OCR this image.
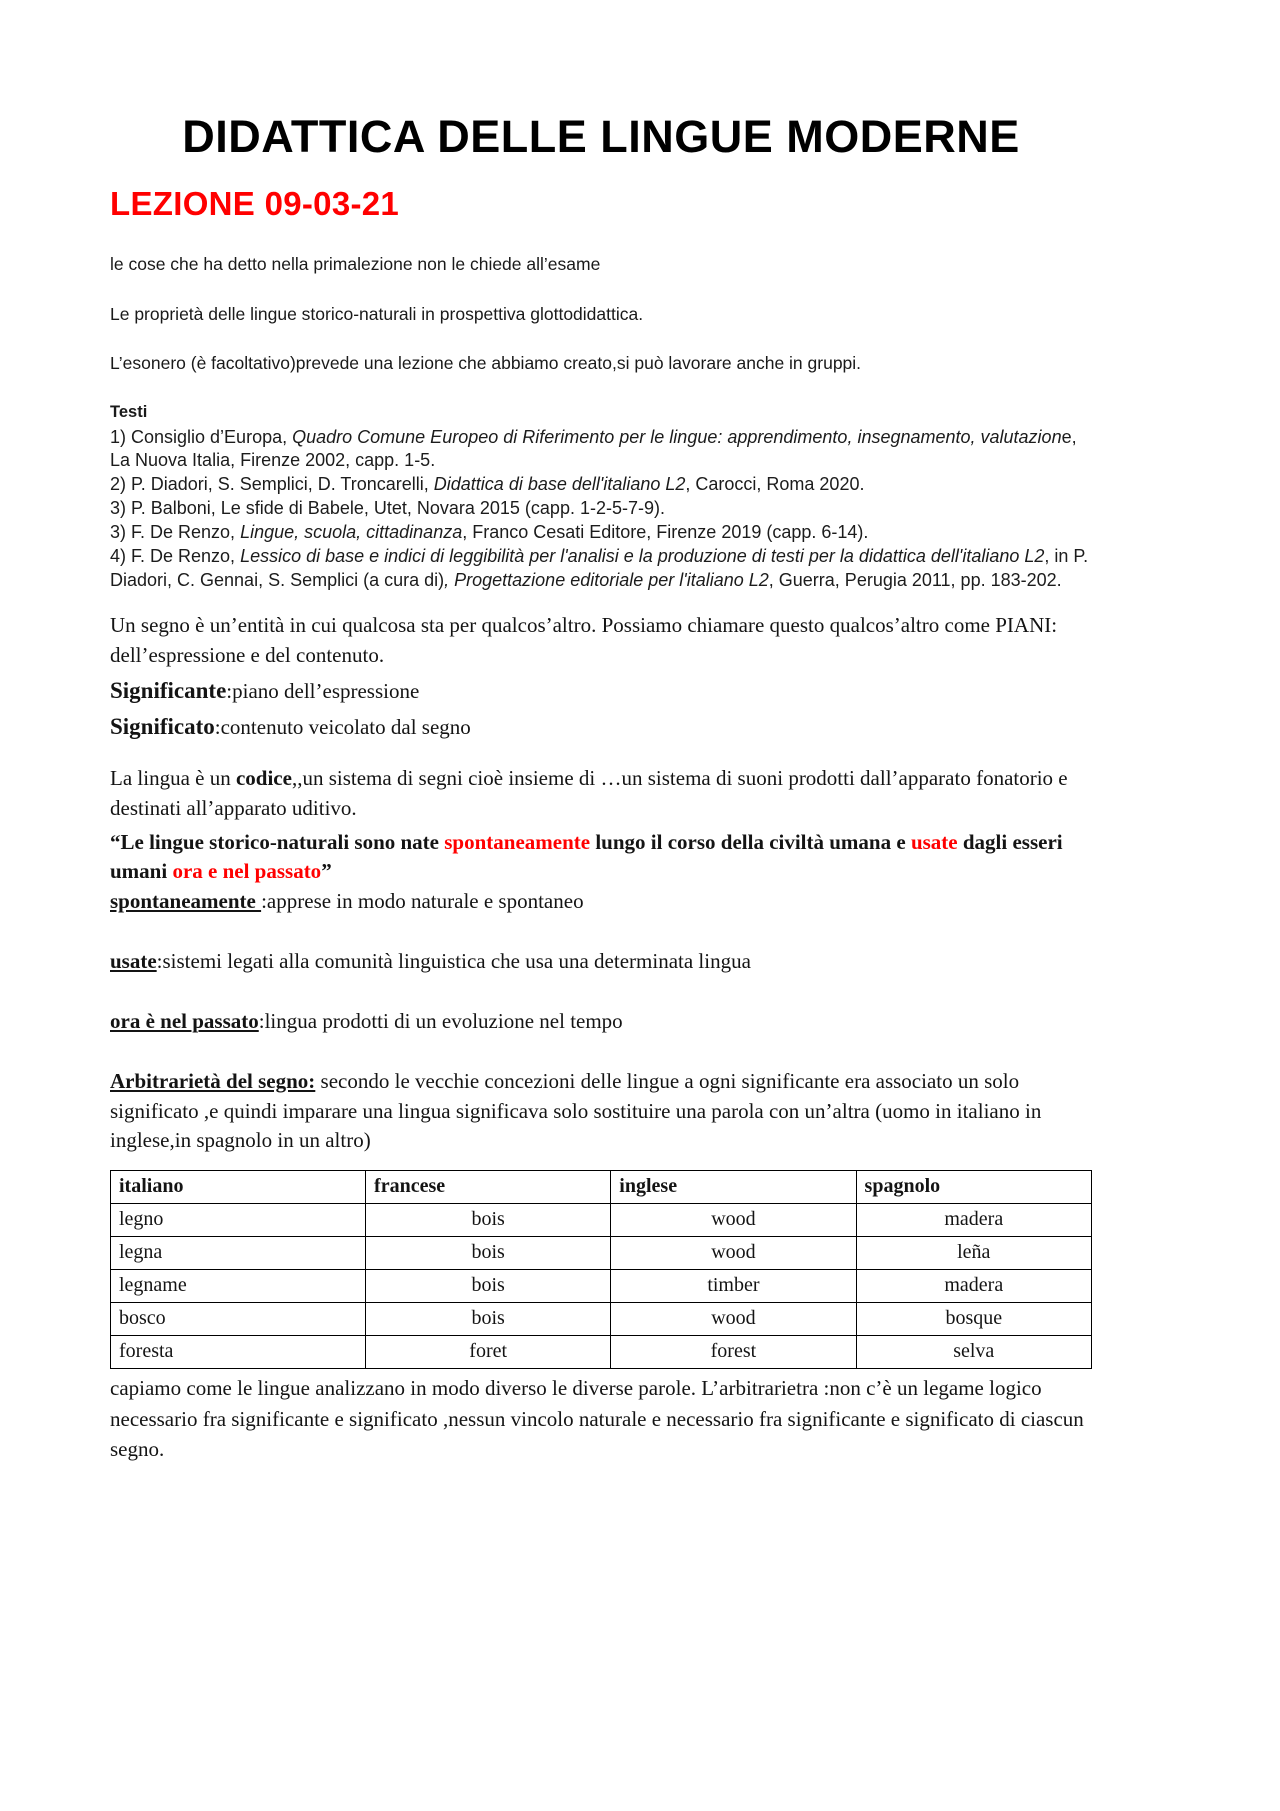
DIDATTICA DELLE LINGUE MODERNE
LEZIONE 09-03-21

le cose che ha detto nella primalezione non le chiede all’esame

Le proprietà delle lingue storico-naturali in prospettiva glottodidattica.

L’esonero (è facoltativo)prevede una lezione che abbiamo creato,si può lavorare anche in gruppi.

Testi

1) Consiglio d’Europa, Quadro Comune Europeo di Riferimento per le lingue: apprendimento, insegnamento, valutazione, La Nuova Italia, Firenze 2002, capp. 1-5.

2) P. Diadori, S. Semplici, D. Troncarelli, Didattica di base dell'italiano L2, Carocci, Roma 2020.

3) P. Balboni, Le sfide di Babele, Utet, Novara 2015 (capp. 1-2-5-7-9).

3) F. De Renzo, Lingue, scuola, cittadinanza, Franco Cesati Editore, Firenze 2019 (capp. 6-14).

4) F. De Renzo, Lessico di base e indici di leggibilità per l'analisi e la produzione di testi per la didattica dell'italiano L2, in P. Diadori, C. Gennai, S. Semplici (a cura di), Progettazione editoriale per l'italiano L2, Guerra, Perugia 2011, pp. 183-202.

Un segno è un’entità in cui qualcosa sta per qualcos’altro. Possiamo chiamare questo qualcos’altro come PIANI: dell’espressione e del contenuto.

Significante:piano dell’espressione

Significato:contenuto veicolato dal segno

La lingua è un codice,,un sistema di segni cioè insieme di …un sistema di suoni prodotti dall’apparato fonatorio e destinati all’apparato uditivo.

“Le lingue storico-naturali sono nate spontaneamente lungo il corso della civiltà umana e usate dagli esseri umani ora e nel passato”

spontaneamente :apprese in modo naturale e spontaneo

usate:sistemi legati alla comunità linguistica che usa una determinata lingua

ora è nel passato:lingua prodotti di un evoluzione nel tempo

Arbitrarietà del segno: secondo le vecchie concezioni delle lingue a ogni significante era associato un solo significato ,e quindi imparare una lingua significava solo sostituire una parola con un’altra (uomo in italiano in inglese,in spagnolo in un altro)

italiano	francese	inglese	spagnolo
legno	bois	wood	madera
legna	bois	wood	leña
legname	bois	timber	madera
bosco	bois	wood	bosque
foresta	foret	forest	selva

capiamo come le lingue analizzano in modo diverso le diverse parole. L’arbitrarietra :non c’è un legame logico necessario fra significante e significato ,nessun vincolo naturale e necessario fra significante e significato di ciascun segno.
